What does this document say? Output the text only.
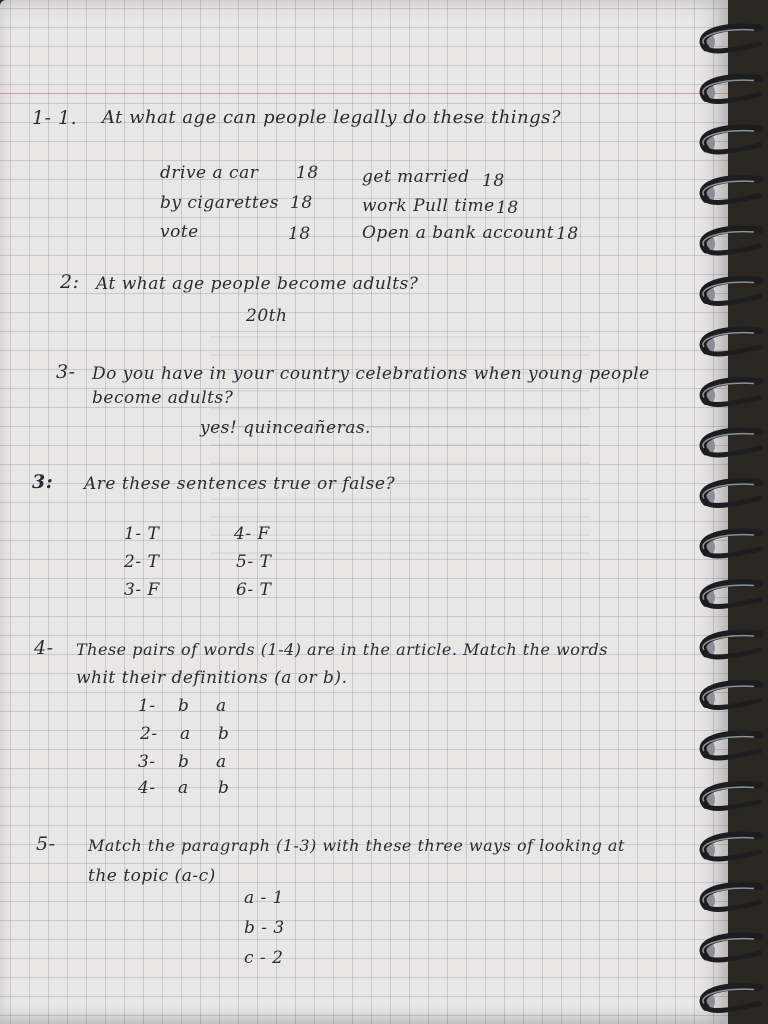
1- 1. At what age can people legally do these things?
drive a car 18
by cigarettes 18
vote	18
get married 18
work Pull time 18
Open a bank account 18
2: At what age people become adults?
20th
3- Do you have in your country celebrations when young people
become adults?
yes! quinceañeras.
3: Are these sentences true or false?
1- T
2- T
3- F
4- F
5- T
6- T
4- These pairs of words (1-4) are in the article. Match the words
whit their definitions (a or b).
1- b a
2- a b
3- b a
4- a b
5- Match the paragraph (1-3) with these three ways of looking at
the topic (a-c)
a - 1
b - 3
c - 2
